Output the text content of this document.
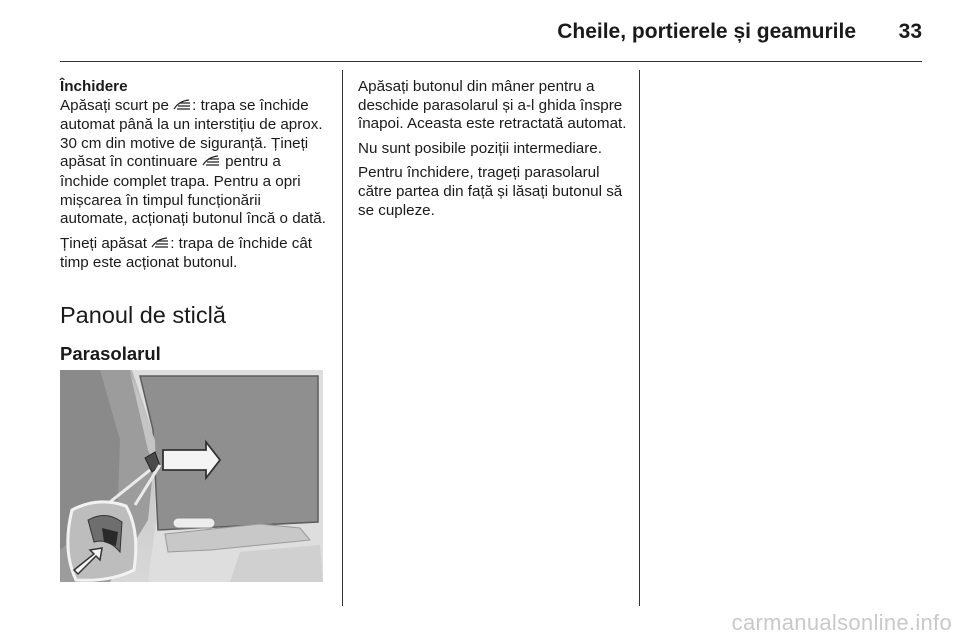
Cheile, portierele și geamurile 33

Închidere
Apăsați scurt pe : trapa se închide automat până la un interstițiu de aprox. 30 cm din motive de siguranță. Țineți apăsat în continuare  pentru a închide complet trapa. Pentru a opri mișcarea în timpul funcționării automate, acționați butonul încă o dată.

Țineți apăsat : trapa de închide cât timp este acționat butonul.

Panoul de sticlă
Parasolarul

Apăsați butonul din mâner pentru a deschide parasolarul și a-l ghida înspre înapoi. Aceasta este retractată automat.

Nu sunt posibile poziții intermediare.

Pentru închidere, trageți parasolarul către partea din față și lăsați butonul să se cupleze.

carmanualsonline.info
